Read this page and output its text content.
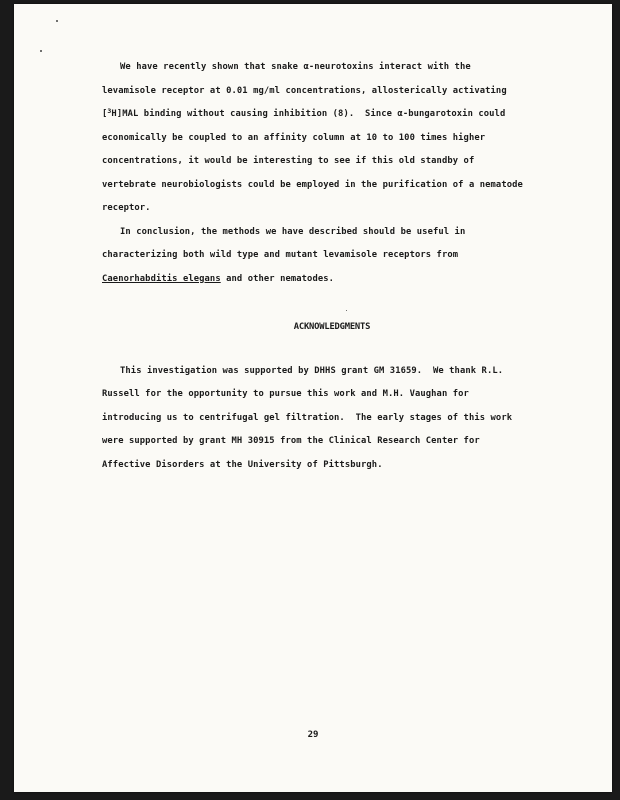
We have recently shown that snake α-neurotoxins interact with the
levamisole receptor at 0.01 mg/ml concentrations, allosterically activating
[$^3$H]MAL binding without causing inhibition (8).  Since α-bungarotoxin could
economically be coupled to an affinity column at 10 to 100 times higher
concentrations, it would be interesting to see if this old standby of
vertebrate neurobiologists could be employed in the purification of a nematode
receptor.
In conclusion, the methods we have described should be useful in
characterizing both wild type and mutant levamisole receptors from
Caenorhabditis elegans and other nematodes.
ACKNOWLEDGMENTS
This investigation was supported by DHHS grant GM 31659.  We thank R.L.
Russell for the opportunity to pursue this work and M.H. Vaughan for
introducing us to centrifugal gel filtration.  The early stages of this work
were supported by grant MH 30915 from the Clinical Research Center for
Affective Disorders at the University of Pittsburgh.
29
